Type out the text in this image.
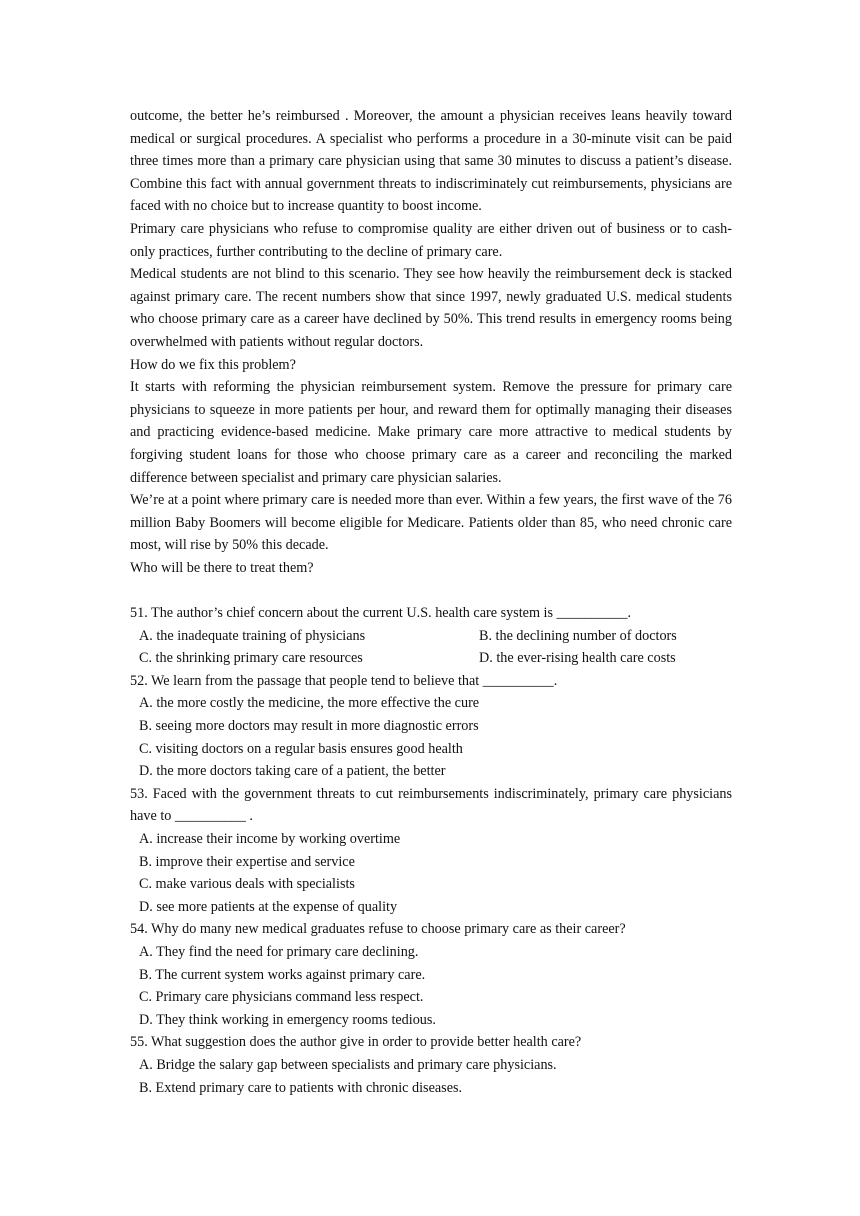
outcome, the better he’s reimbursed . Moreover, the amount a physician receives leans heavily toward medical or surgical procedures. A specialist who performs a procedure in a 30-minute visit can be paid three times more than a primary care physician using that same 30 minutes to discuss a patient’s disease. Combine this fact with annual government threats to indiscriminately cut reimbursements, physicians are faced with no choice but to increase quantity to boost income.

Primary care physicians who refuse to compromise quality are either driven out of business or to cash-only practices, further contributing to the decline of primary care.

Medical students are not blind to this scenario. They see how heavily the reimbursement deck is stacked against primary care. The recent numbers show that since 1997, newly graduated U.S. medical students who choose primary care as a career have declined by 50%. This trend results in emergency rooms being overwhelmed with patients without regular doctors.

How do we fix this problem?

It starts with reforming the physician reimbursement system. Remove the pressure for primary care physicians to squeeze in more patients per hour, and reward them for optimally managing their diseases and practicing evidence-based medicine. Make primary care more attractive to medical students by forgiving student loans for those who choose primary care as a career and reconciling the marked difference between specialist and primary care physician salaries.

We’re at a point where primary care is needed more than ever. Within a few years, the first wave of the 76 million Baby Boomers will become eligible for Medicare. Patients older than 85, who need chronic care most, will rise by 50% this decade.

Who will be there to treat them?

51. The author’s chief concern about the current U.S. health care system is __________.

A. the inadequate training of physicians	B. the declining number of doctors
C. the shrinking primary care resources	D. the ever-rising health care costs

52. We learn from the passage that people tend to believe that __________.

A. the more costly the medicine, the more effective the cure

B. seeing more doctors may result in more diagnostic errors

C. visiting doctors on a regular basis ensures good health

D. the more doctors taking care of a patient, the better

53. Faced with the government threats to cut reimbursements indiscriminately, primary care physicians have to __________ .

A. increase their income by working overtime

B. improve their expertise and service

C. make various deals with specialists

D. see more patients at the expense of quality

54. Why do many new medical graduates refuse to choose primary care as their career?

A. They find the need for primary care declining.

B. The current system works against primary care.

C. Primary care physicians command less respect.

D. They think working in emergency rooms tedious.

55. What suggestion does the author give in order to provide better health care?

A. Bridge the salary gap between specialists and primary care physicians.

B. Extend primary care to patients with chronic diseases.
